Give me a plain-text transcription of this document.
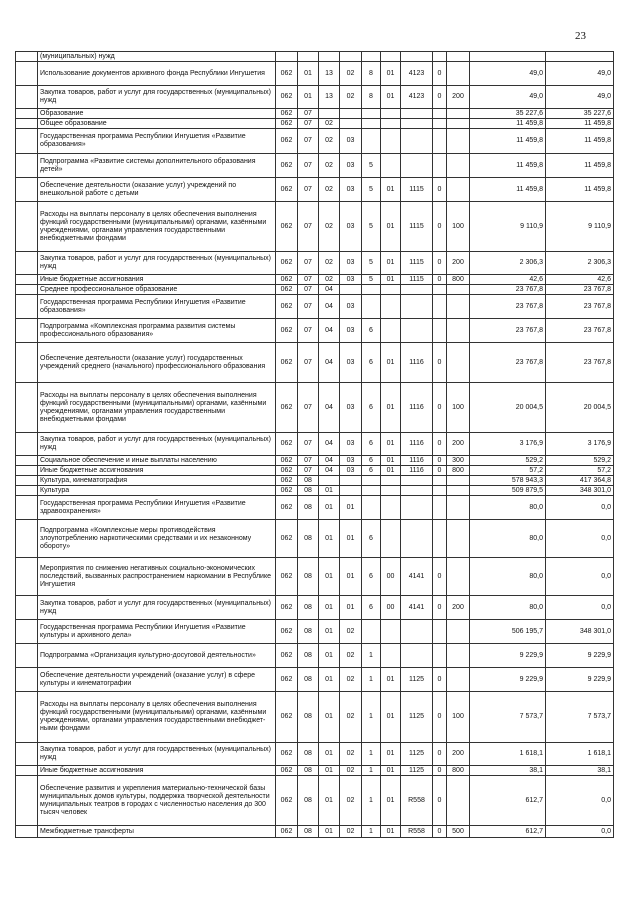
23
	(муниципальных) нужд											
	Использование документов архивного фонда Республики Ингушетия	062	01	13	02	8	01	4123	0		49,0	49,0
	Закупка товаров, работ и услуг для государственных (муниципальных) нужд	062	01	13	02	8	01	4123	0	200	49,0	49,0
	Образование	062	07								35 227,6	35 227,6
	Общее образование	062	07	02							11 459,8	11 459,8
	Государственная программа Республики Ингушетия «Развитие образования»	062	07	02	03						11 459,8	11 459,8
	Подпрограмма «Развитие системы дополнительного образования детей»	062	07	02	03	5					11 459,8	11 459,8
	Обеспечение деятельности (оказание услуг) учреждений по внешкольной работе с детьми	062	07	02	03	5	01	1115	0		11 459,8	11 459,8
	Расходы на выплаты персоналу в целях обеспечения выполнения функций государственными (муниципальными) органами, казёнными учреждениями, органами управления государственными внебюджетными фондами	062	07	02	03	5	01	1115	0	100	9 110,9	9 110,9
	Закупка товаров, работ и услуг для государственных (муниципальных) нужд	062	07	02	03	5	01	1115	0	200	2 306,3	2 306,3
	Иные бюджетные ассигнования	062	07	02	03	5	01	1115	0	800	42,6	42,6
	Среднее профессиональное образование	062	07	04							23 767,8	23 767,8
	Государственная программа Республики Ингушетия «Развитие образования»	062	07	04	03						23 767,8	23 767,8
	Подпрограмма «Комплексная программа развития системы профессионального образования»	062	07	04	03	6					23 767,8	23 767,8
	Обеспечение деятельности (оказание услуг) государственных учреждений среднего (начального) профессионального образования	062	07	04	03	6	01	1116	0		23 767,8	23 767,8
	Расходы на выплаты персоналу в целях обеспечения выполнения функций государственными (муниципальными) органами, казёнными учреждениями, органами управления государственными внебюджетными фондами	062	07	04	03	6	01	1116	0	100	20 004,5	20 004,5
	Закупка товаров, работ и услуг для государственных (муниципальных) нужд	062	07	04	03	6	01	1116	0	200	3 176,9	3 176,9
	Социальное обеспечение и иные выплаты населению	062	07	04	03	6	01	1116	0	300	529,2	529,2
	Иные бюджетные ассигнования	062	07	04	03	6	01	1116	0	800	57,2	57,2
	Культура, кинематография	062	08								578 943,3	417 364,8
	Культура	062	08	01							509 879,5	348 301,0
	Государственная программа Республики Ингушетия «Развитие здравоохранения»	062	08	01	01						80,0	0,0
	Подпрограмма «Комплексные меры противодействия злоупотреблению наркотическими средствами и их незаконному обороту»	062	08	01	01	6					80,0	0,0
	Мероприятия по снижению негативных социально-экономических последствий, вызванных распространением наркомании в Республике Ингушетия	062	08	01	01	6	00	4141	0		80,0	0,0
	Закупка товаров, работ и услуг для государственных (муниципальных) нужд	062	08	01	01	6	00	4141	0	200	80,0	0,0
	Государственная программа Республики Ингушетия «Развитие культуры и архивного дела»	062	08	01	02						506 195,7	348 301,0
	Подпрограмма «Организация культурно-досуговой деятельности»	062	08	01	02	1					9 229,9	9 229,9
	Обеспечение деятельности учреждений (оказание услуг) в сфере культуры и кинематографии	062	08	01	02	1	01	1125	0		9 229,9	9 229,9
	Расходы на выплаты персоналу в целях обеспечения выполнения функций государственными (муниципальными) органами, казёнными учреждениями, органами управления государственными внебюджет-ными фондами	062	08	01	02	1	01	1125	0	100	7 573,7	7 573,7
	Закупка товаров, работ и услуг для государственных (муниципальных) нужд	062	08	01	02	1	01	1125	0	200	1 618,1	1 618,1
	Иные бюджетные ассигнования	062	08	01	02	1	01	1125	0	800	38,1	38,1
	Обеспечение развития и укрепления материально-технической базы муниципальных домов культуры, поддержка творческой деятельности муниципальных театров в городах с численностью населения до 300 тысяч человек	062	08	01	02	1	01	R558	0		612,7	0,0
	Межбюджетные трансферты	062	08	01	02	1	01	R558	0	500	612,7	0,0
